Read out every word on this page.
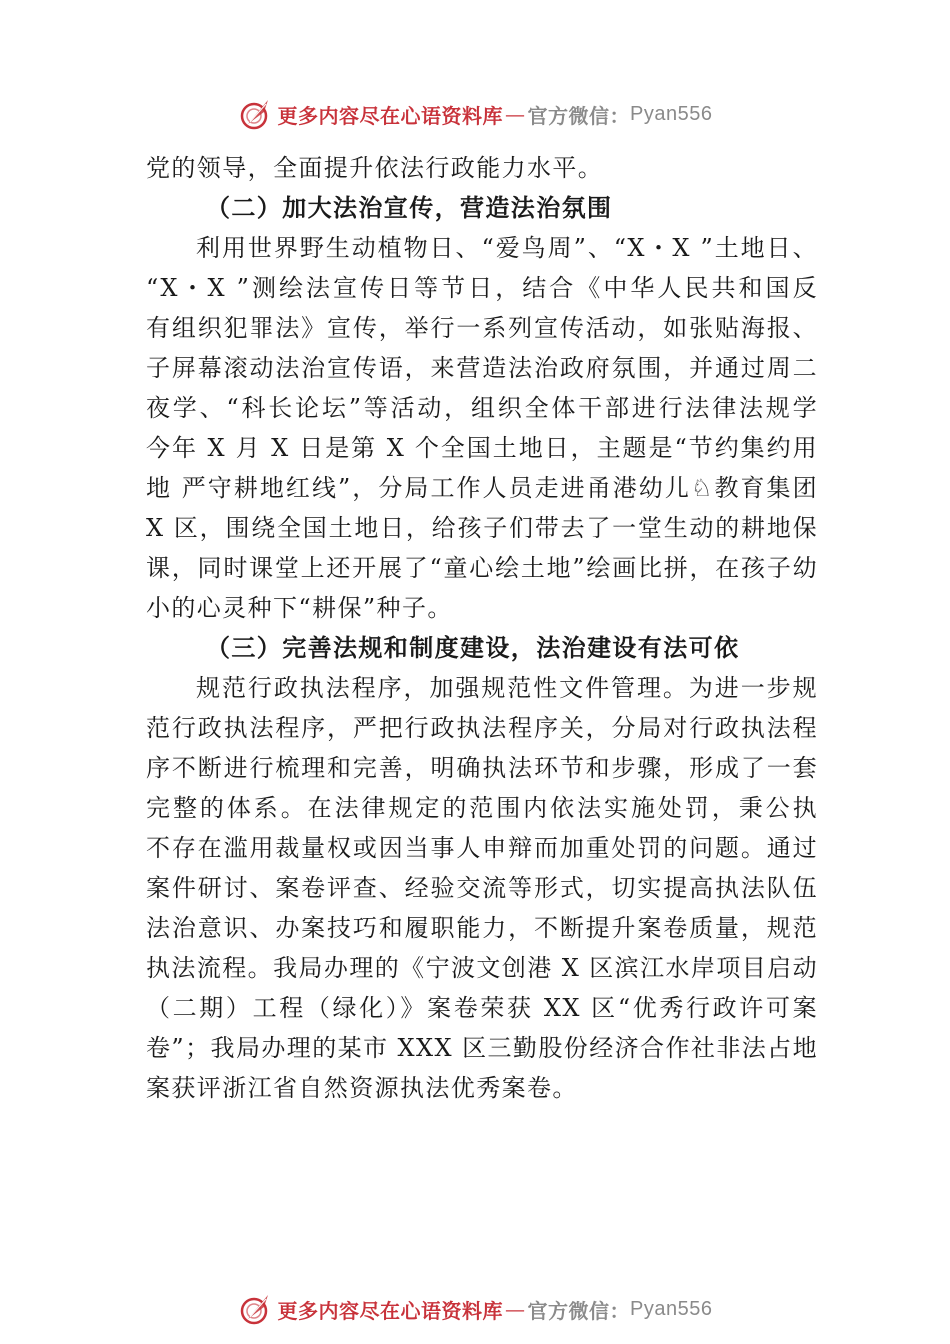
更多内容尽在心语资料库 — 官方微信： Pyan556
党的领导，全面提升依法行政能力水平。
（二）加大法治宣传，营造法治氛围
利用世界野生动植物日、“爱鸟周”、“X・X ”土地日、
“X・X ”测绘法宣传日等节日，结合《中华人民共和国反
有组织犯罪法》宣传，举行一系列宣传活动，如张贴海报、
子屏幕滚动法治宣传语，来营造法治政府氛围，并通过周二
夜学、“科长论坛”等活动，组织全体干部进行法律法规学
今年 X 月 X 日是第 X 个全国土地日，主题是“节约集约用
地 严守耕地红线”，分局工作人员走进甬港幼儿♘教育集团
X 区，围绕全国土地日，给孩子们带去了一堂生动的耕地保
课，同时课堂上还开展了“童心绘土地”绘画比拼，在孩子幼
小的心灵种下“耕保”种子。
（三）完善法规和制度建设，法治建设有法可依
规范行政执法程序，加强规范性文件管理。为进一步规
范行政执法程序，严把行政执法程序关，分局对行政执法程
序不断进行梳理和完善，明确执法环节和步骤，形成了一套
完整的体系。在法律规定的范围内依法实施处罚，秉公执
不存在滥用裁量权或因当事人申辩而加重处罚的问题。通过
案件研讨、案卷评查、经验交流等形式，切实提高执法队伍
法治意识、办案技巧和履职能力，不断提升案卷质量，规范
执法流程。我局办理的《宁波文创港 X 区滨江水岸项目启动
（二期）工程（绿化）》案卷荣获 XX 区“优秀行政许可案
卷”；我局办理的某市 XXX 区三勤股份经济合作社非法占地
案获评浙江省自然资源执法优秀案卷。
更多内容尽在心语资料库 — 官方微信： Pyan556
